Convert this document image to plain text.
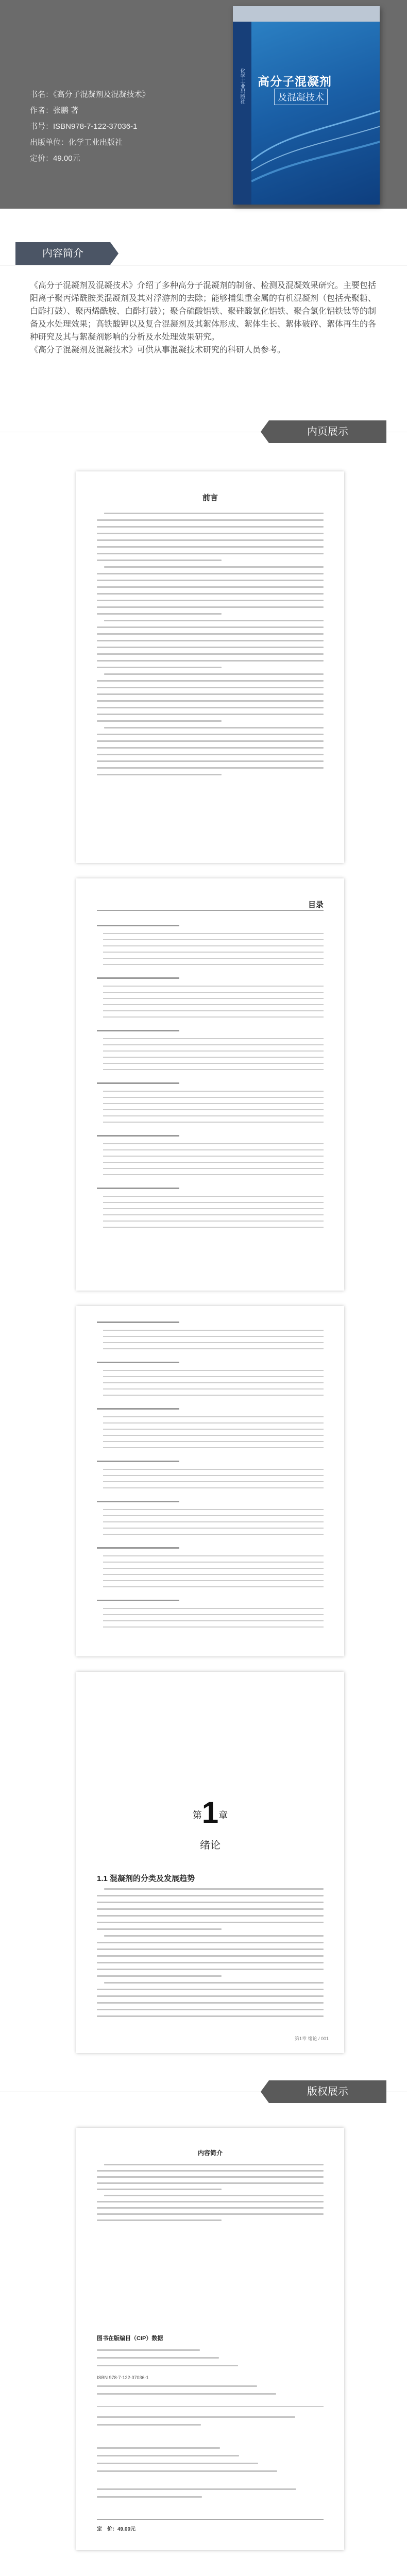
书名：《高分子混凝剂及混凝技术》
作者：张鹏 著
书号：ISBN978-7-122-37036-1
出版单位：化学工业出版社
定价：49.00元
化学工业出版社 高分子混凝剂
及混凝技术
内容简介

《高分子混凝剂及混凝技术》介绍了多种高分子混凝剂的制备、检测及混凝效果研究。主要包括阳离子聚丙烯酰胺类混凝剂及其对浮游剂的去除；能够捕集重金属的有机混凝剂（包括壳聚糖、白酢打鼓）、聚丙烯酰胺、白酢打鼓）；聚合硫酸铝铁、聚硅酸氯化铝铁、聚合氯化铝铁钛等的制备及水处理效果；高铁酸钾以及复合混凝剂及其絮体形成、絮体生长、絮体破碎、絮体再生的各种研究及其与絮凝剂影响的分析及水处理效果研究。

《高分子混凝剂及混凝技术》可供从事混凝技术研究的科研人员参考。

内页展示
前言
目录
第1章
绪论
1.1 混凝剂的分类及发展趋势
第1章 绪论 / 001
版权展示
内容简介
图书在版编目（CIP）数据
ISBN 978-7-122-37036-1
定　价：49.00元
